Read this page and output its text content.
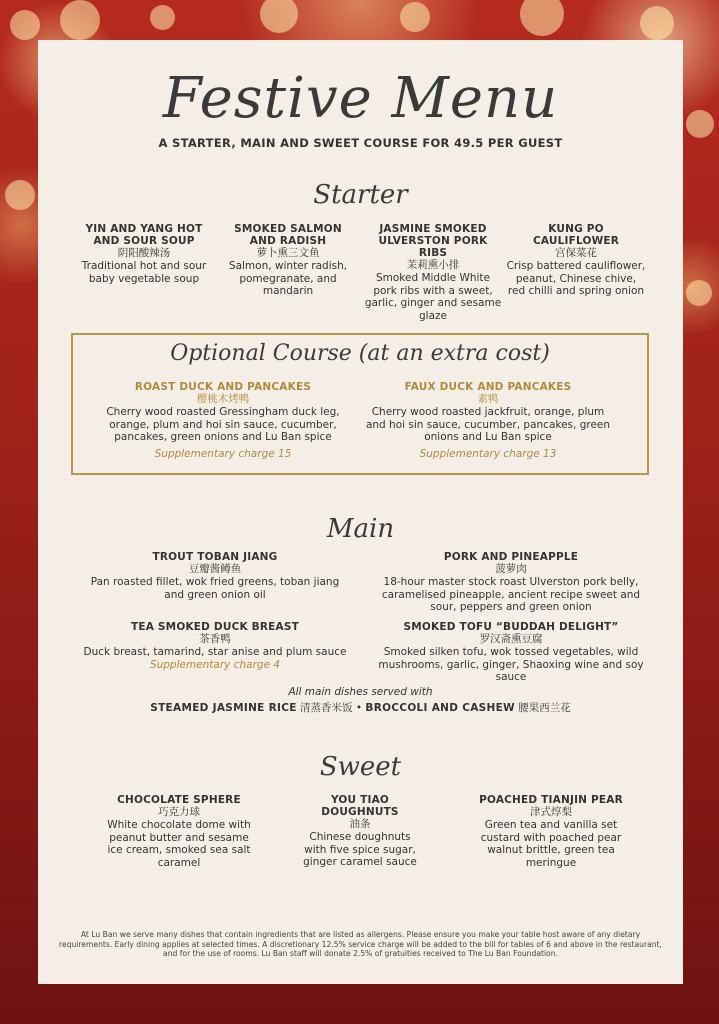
Festive Menu
A STARTER, MAIN AND SWEET COURSE FOR 49.5 PER GUEST
Starter
YIN AND YANG HOT AND SOUR SOUP
阴阳酸辣汤
Traditional hot and sour baby vegetable soup
SMOKED SALMON AND RADISH
萝卜熏三文鱼
Salmon, winter radish, pomegranate, and mandarin
JASMINE SMOKED ULVERSTON PORK RIBS
茉莉熏小排
Smoked Middle White pork ribs with a sweet, garlic, ginger and sesame glaze
KUNG PO CAULIFLOWER
宫保菜花
Crisp battered cauliflower, peanut, Chinese chive, red chilli and spring onion
Optional Course (at an extra cost)
ROAST DUCK AND PANCAKES
樱桃木烤鸭
Cherry wood roasted Gressingham duck leg, orange, plum and hoi sin sauce, cucumber, pancakes, green onions and Lu Ban spice
Supplementary charge 15
FAUX DUCK AND PANCAKES
素鸭
Cherry wood roasted jackfruit, orange, plum and hoi sin sauce, cucumber, pancakes, green onions and Lu Ban spice
Supplementary charge 13
Main
TROUT TOBAN JIANG
豆瓣酱鳟鱼
Pan roasted fillet, wok fried greens, toban jiang and green onion oil
PORK AND PINEAPPLE
菠萝肉
18-hour master stock roast Ulverston pork belly, caramelised pineapple, ancient recipe sweet and sour, peppers and green onion
TEA SMOKED DUCK BREAST
茶香鸭
Duck breast, tamarind, star anise and plum sauce
Supplementary charge 4
SMOKED TOFU “BUDDAH DELIGHT”
罗汉斋熏豆腐
Smoked silken tofu, wok tossed vegetables, wild mushrooms, garlic, ginger, Shaoxing wine and soy sauce
All main dishes served with
STEAMED JASMINE RICE 清蒸香米饭 • BROCCOLI AND CASHEW 腰果西兰花
Sweet
CHOCOLATE SPHERE
巧克力球
White chocolate dome with peanut butter and sesame ice cream, smoked sea salt caramel
YOU TIAO DOUGHNUTS
油条
Chinese doughnuts with five spice sugar, ginger caramel sauce
POACHED TIANJIN PEAR
津式焞梨
Green tea and vanilla set custard with poached pear walnut brittle, green tea meringue
At Lu Ban we serve many dishes that contain ingredients that are listed as allergens. Please ensure you make your table host aware of any dietary requirements. Early dining applies at selected times. A discretionary 12.5% service charge will be added to the bill for tables of 6 and above in the restaurant, and for the use of rooms. Lu Ban staff will donate 2.5% of gratuities received to The Lu Ban Foundation.
